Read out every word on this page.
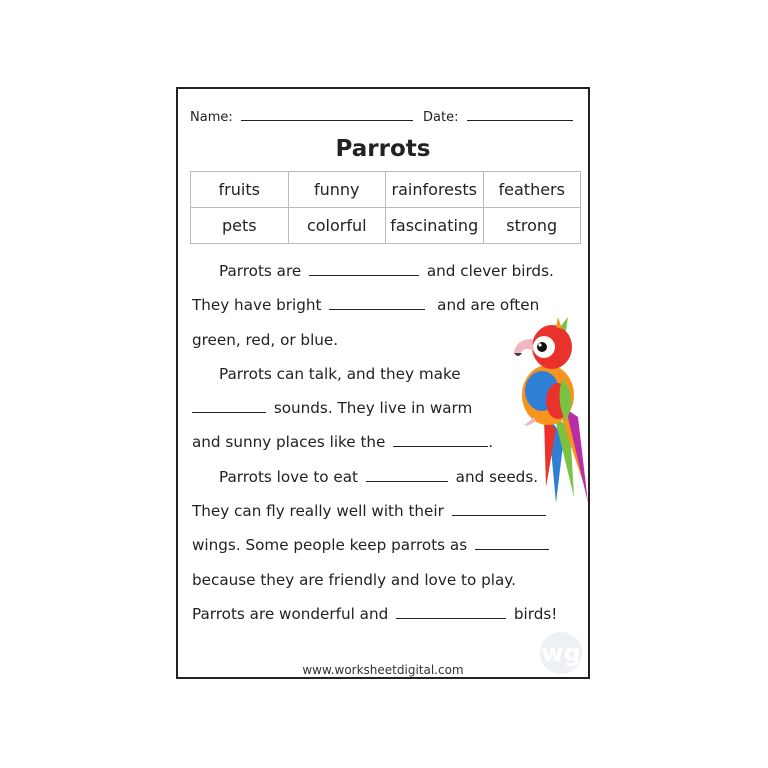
Name:	Date:
Parrots
fruits	funny	rainforests	feathers
pets	colorful	fascinating	strong
Parrots are	and clever birds.
They have bright	and are often
green, red, or blue.
Parrots can talk, and they make
sounds. They live in warm
and sunny places like the	.
Parrots love to eat	and seeds.
They can fly really well with their
wings. Some people keep parrots as
because they are friendly and love to play.
Parrots are wonderful and	birds!
wg
www.worksheetdigital.com
